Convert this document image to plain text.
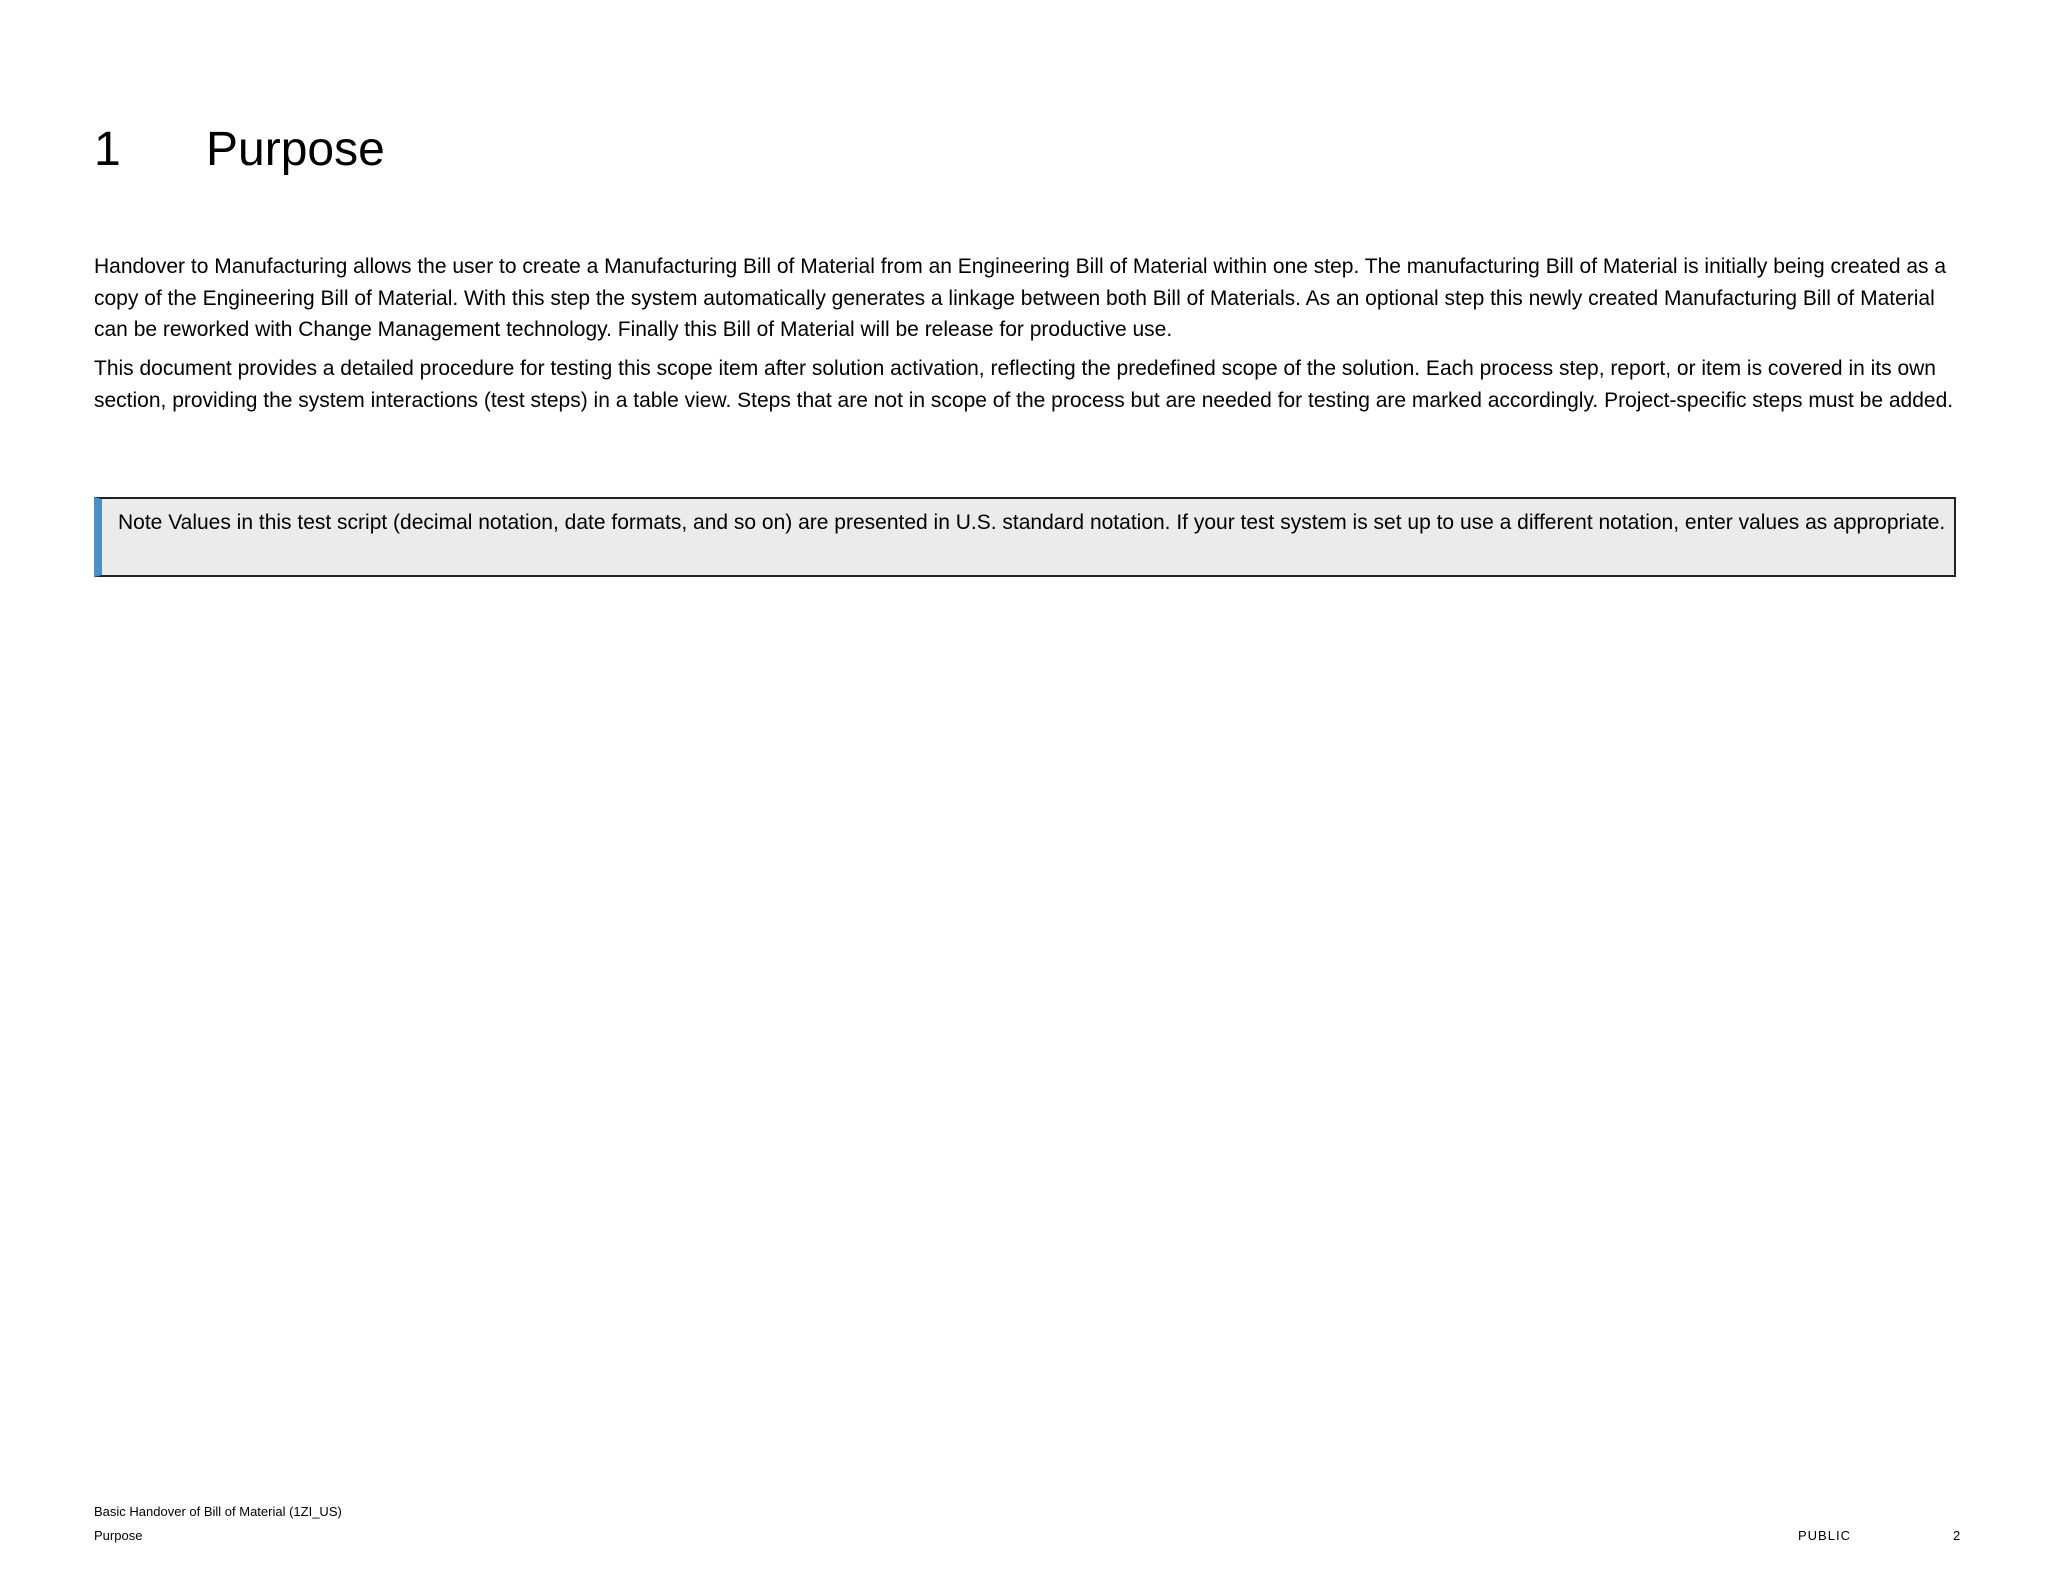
1	Purpose

Handover to Manufacturing allows the user to create a Manufacturing Bill of Material from an Engineering Bill of Material within one step. The manufacturing Bill of Material is initially being created as a copy of the Engineering Bill of Material. With this step the system automatically generates a linkage between both Bill of Materials. As an optional step this newly created Manufacturing Bill of Material can be reworked with Change Management technology. Finally this Bill of Material will be release for productive use.

This document provides a detailed procedure for testing this scope item after solution activation, reflecting the predefined scope of the solution. Each process step, report, or item is covered in its own section, providing the system interactions (test steps) in a table view. Steps that are not in scope of the process but are needed for testing are marked accordingly. Project-specific steps must be added.

Note Values in this test script (decimal notation, date formats, and so on) are presented in U.S. standard notation. If your test system is set up to use a different notation, enter values as appropriate.

Basic Handover of Bill of Material (1ZI_US)
Purpose	PUBLIC	2
